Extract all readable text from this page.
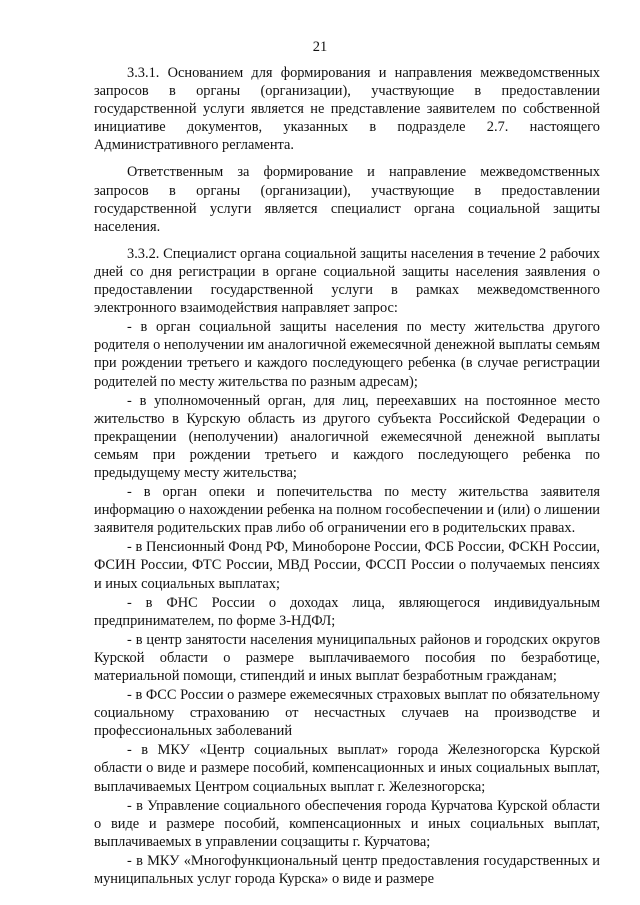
21

3.3.1. Основанием для формирования и направления межведомственных запросов в органы (организации), участвующие в предоставлении государственной услуги является не представление заявителем по собственной инициативе документов, указанных в подразделе 2.7. настоящего Административного регламента.

Ответственным за формирование и направление межведомственных запросов в органы (организации), участвующие в предоставлении государственной услуги является специалист органа социальной защиты населения.

3.3.2. Специалист органа социальной защиты населения в течение 2 рабочих дней со дня регистрации в органе социальной защиты населения заявления о предоставлении государственной услуги в рамках межведомственного электронного взаимодействия направляет запрос:

- в орган социальной защиты населения по месту жительства другого родителя о неполучении им аналогичной ежемесячной денежной выплаты семьям при рождении третьего и каждого последующего ребенка (в случае регистрации родителей по месту жительства по разным адресам);

- в уполномоченный орган, для лиц, переехавших на постоянное место жительство в Курскую область из другого субъекта Российской Федерации о прекращении (неполучении) аналогичной ежемесячной денежной выплаты семьям при рождении третьего и каждого последующего ребенка по предыдущему месту жительства;

- в орган опеки и попечительства по месту жительства заявителя информацию о нахождении ребенка на полном гособеспечении и (или) о лишении заявителя родительских прав либо об ограничении его в родительских правах.

- в Пенсионный Фонд РФ, Минобороне России, ФСБ России, ФСКН России, ФСИН России, ФТС России, МВД России, ФССП России о получаемых пенсиях и иных социальных выплатах;

- в ФНС России о доходах лица, являющегося индивидуальным предпринимателем, по форме 3-НДФЛ;

- в центр занятости населения муниципальных районов и городских округов Курской области о размере выплачиваемого пособия по безработице, материальной помощи, стипендий и иных выплат безработным гражданам;

- в ФСС России о размере ежемесячных страховых выплат по обязательному социальному страхованию от несчастных случаев на производстве и профессиональных заболеваний

- в МКУ «Центр социальных выплат» города Железногорска Курской области о виде и размере пособий, компенсационных и иных социальных выплат, выплачиваемых Центром социальных выплат г. Железногорска;

- в Управление социального обеспечения города Курчатова Курской области о виде и размере пособий, компенсационных и иных социальных выплат, выплачиваемых в управлении соцзащиты г. Курчатова;

- в МКУ «Многофункциональный центр предоставления государственных и муниципальных услуг города Курска» о виде и размере
